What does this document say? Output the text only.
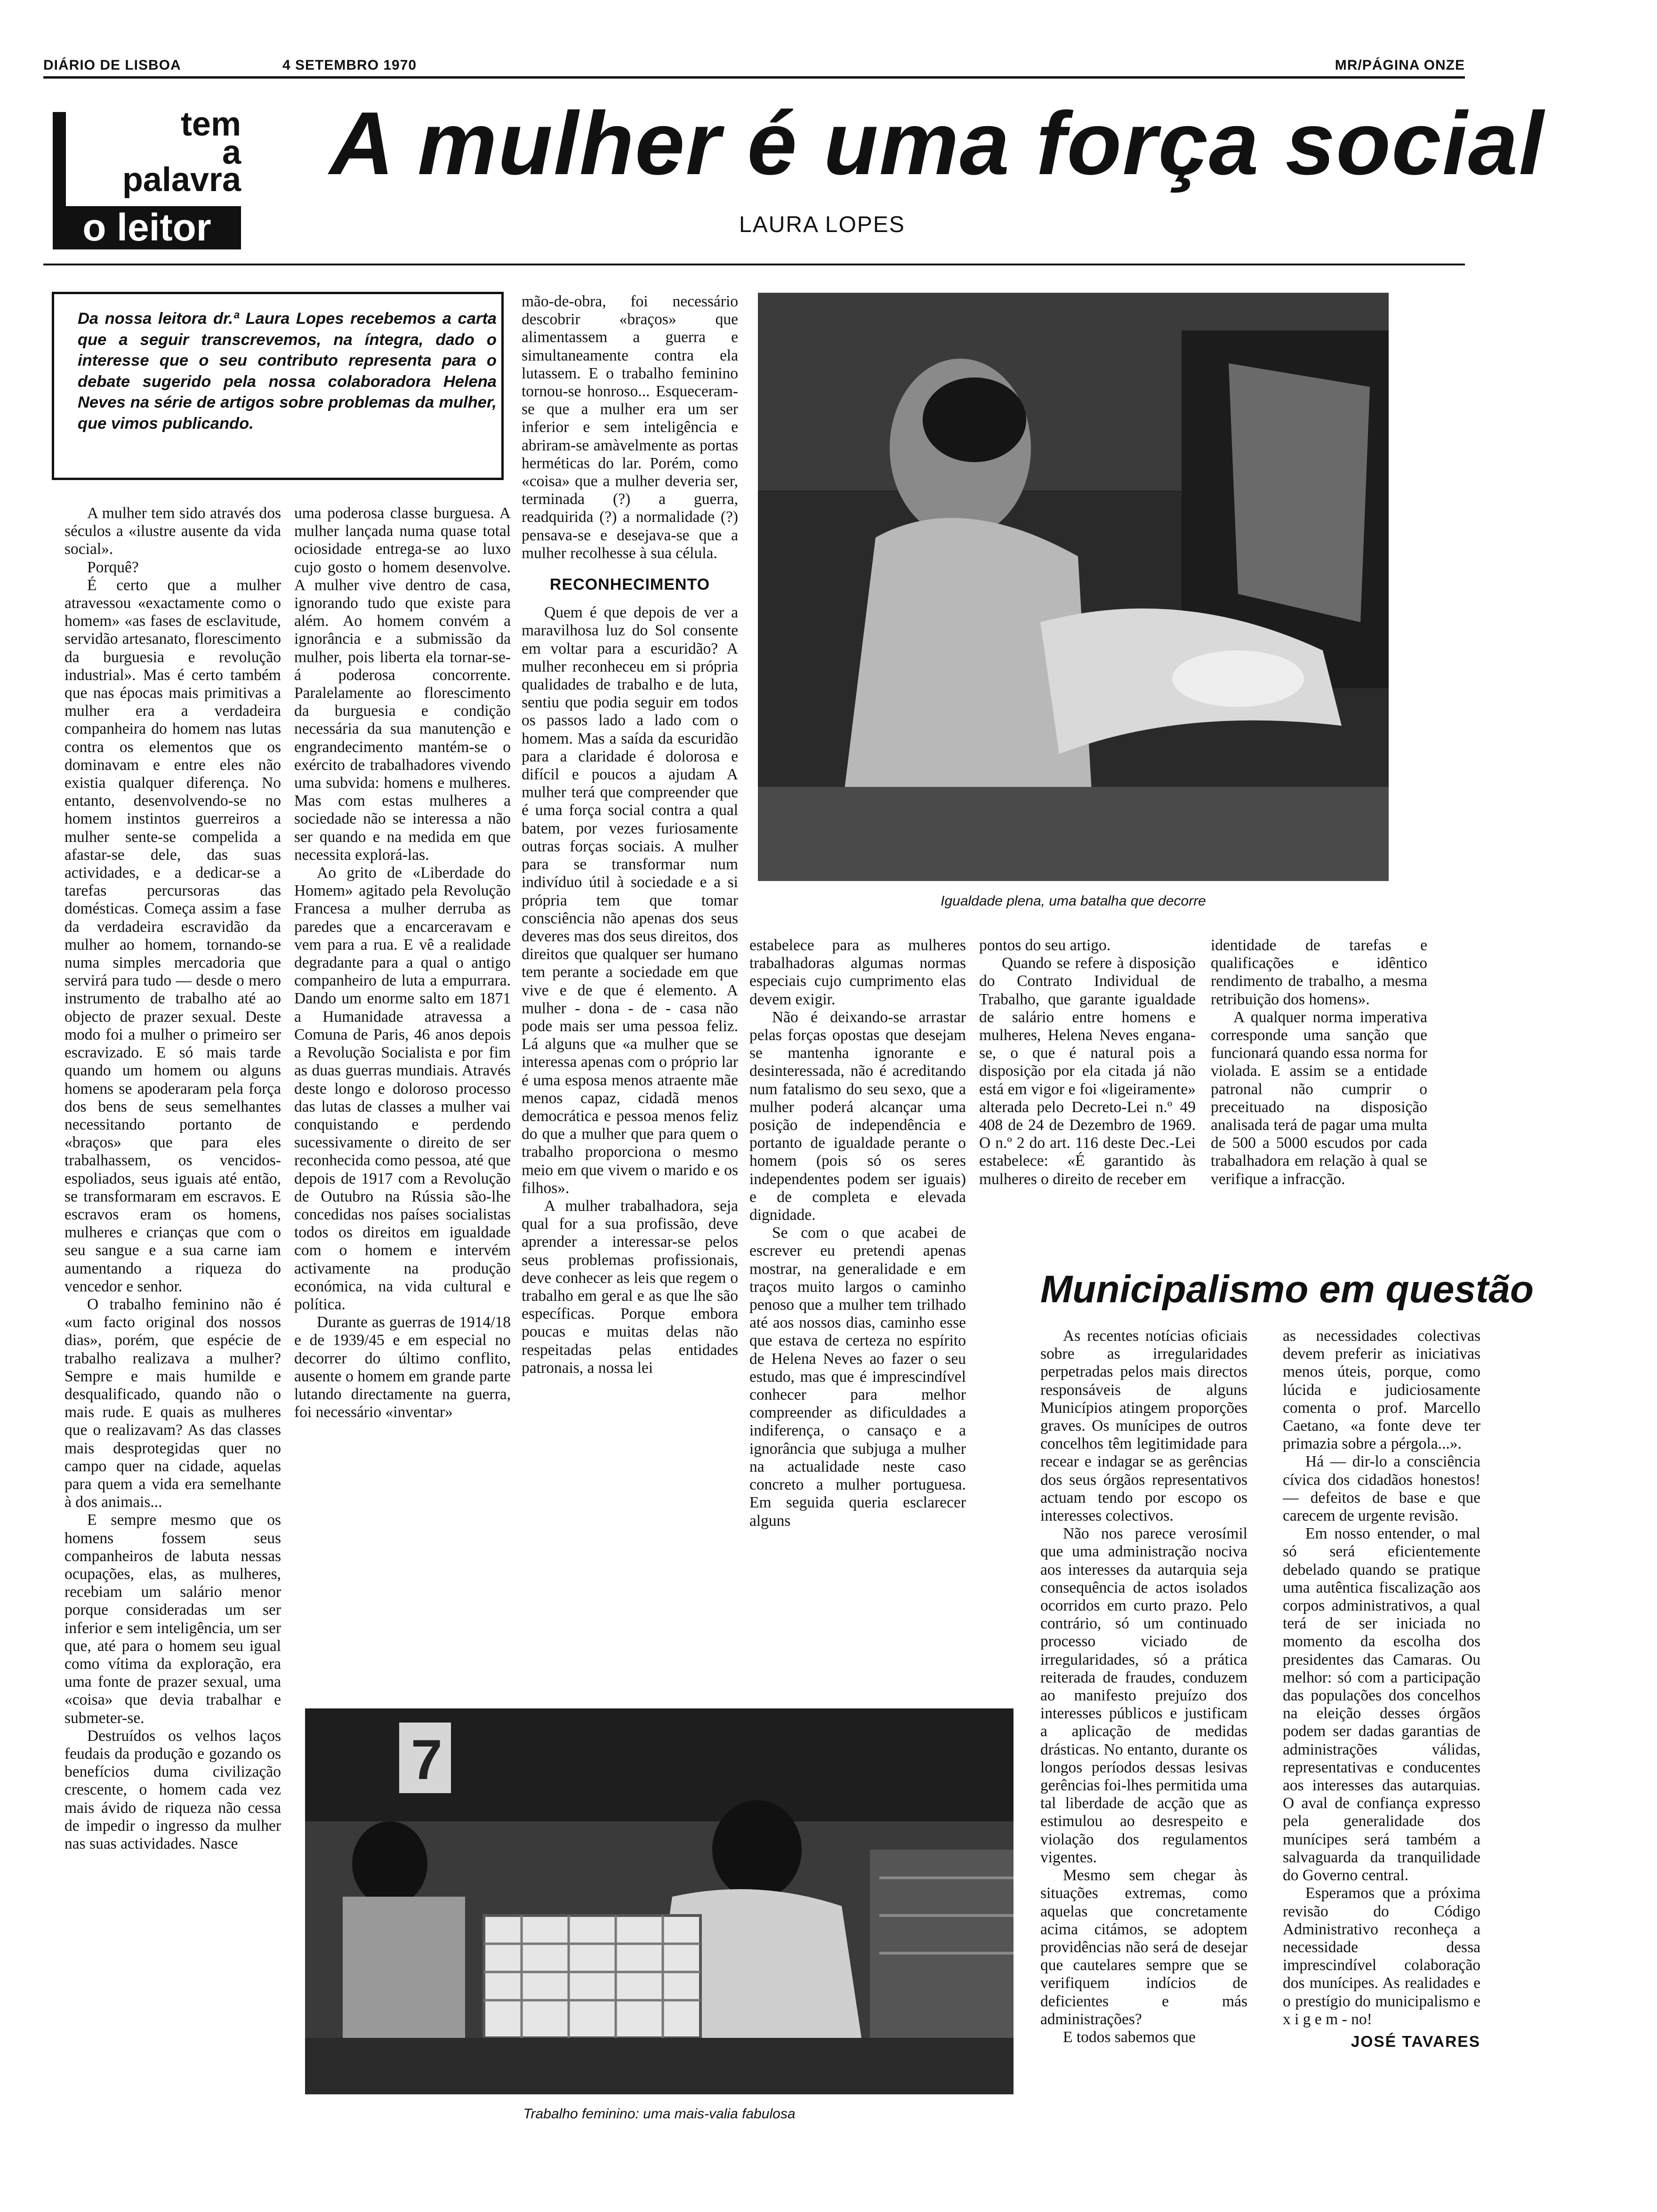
DIÁRIO DE LISBOA	4 SETEMBRO 1970	MR/PÁGINA ONZE
tem
a
palavra
o leitor
A mulher é uma força social
LAURA LOPES
Da nossa leitora dr.ª Laura Lopes recebemos a carta que a seguir transcrevemos, na íntegra, dado o interesse que o seu contributo representa para o debate sugerido pela nossa colaboradora Helena Neves na série de artigos sobre problemas da mulher, que vimos publicando.

A mulher tem sido através dos séculos a «ilustre ausente da vida social».

Porquê?

É certo que a mulher atravessou «exactamente como o homem» «as fases de esclavitude, servidão artesanato, florescimento da burguesia e revolução industrial». Mas é certo também que nas épocas mais primitivas a mulher era a verdadeira companheira do homem nas lutas contra os elementos que os dominavam e entre eles não existia qualquer diferença. No entanto, desenvolvendo-se no homem instintos guerreiros a mulher sente-se compelida a afastar-se dele, das suas actividades, e a dedicar-se a tarefas percursoras das domésticas. Começa assim a fase da verdadeira escravidão da mulher ao homem, tornando-se numa simples mercadoria que servirá para tudo — desde o mero instrumento de trabalho até ao objecto de prazer sexual. Deste modo foi a mulher o primeiro ser escravizado. E só mais tarde quando um homem ou alguns homens se apoderaram pela força dos bens de seus semelhantes necessitando portanto de «braços» que para eles trabalhassem, os vencidos-espoliados, seus iguais até então, se transformaram em escravos. E escravos eram os homens, mulheres e crianças que com o seu sangue e a sua carne iam aumentando a riqueza do vencedor e senhor.

O trabalho feminino não é «um facto original dos nossos dias», porém, que espécie de trabalho realizava a mulher? Sempre e mais humilde e desqualificado, quando não o mais rude. E quais as mulheres que o realizavam? As das classes mais desprotegidas quer no campo quer na cidade, aquelas para quem a vida era semelhante à dos animais...

E sempre mesmo que os homens fossem seus companheiros de labuta nessas ocupações, elas, as mulheres, recebiam um salário menor porque consideradas um ser inferior e sem inteligência, um ser que, até para o homem seu igual como vítima da exploração, era uma fonte de prazer sexual, uma «coisa» que devia trabalhar e submeter-se.

Destruídos os velhos laços feudais da produção e gozando os benefícios duma civilização crescente, o homem cada vez mais ávido de riqueza não cessa de impedir o ingresso da mulher nas suas actividades. Nasce

uma poderosa classe burguesa. A mulher lançada numa quase total ociosidade entrega-se ao luxo cujo gosto o homem desenvolve. A mulher vive dentro de casa, ignorando tudo que existe para além. Ao homem convém a ignorância e a submissão da mulher, pois liberta ela tornar-se-á poderosa concorrente. Paralelamente ao florescimento da burguesia e condição necessária da sua manutenção e engrandecimento mantém-se o exército de trabalhadores vivendo uma subvida: homens e mulheres. Mas com estas mulheres a sociedade não se interessa a não ser quando e na medida em que necessita explorá-las.

Ao grito de «Liberdade do Homem» agitado pela Revolução Francesa a mulher derruba as paredes que a encarceravam e vem para a rua. E vê a realidade degradante para a qual o antigo companheiro de luta a empurrara. Dando um enorme salto em 1871 a Humanidade atravessa a Comuna de Paris, 46 anos depois a Revolução Socialista e por fim as duas guerras mundiais. Através deste longo e doloroso processo das lutas de classes a mulher vai conquistando e perdendo sucessivamente o direito de ser reconhecida como pessoa, até que depois de 1917 com a Revolução de Outubro na Rússia são-lhe concedidas nos países socialistas todos os direitos em igualdade com o homem e intervém activamente na produção económica, na vida cultural e política.

Durante as guerras de 1914/18 e de 1939/45 e em especial no decorrer do último conflito, ausente o homem em grande parte lutando directamente na guerra, foi necessário «inventar»

mão-de-obra, foi necessário descobrir «braços» que alimentassem a guerra e simultaneamente contra ela lutassem. E o trabalho feminino tornou-se honroso... Esqueceram-se que a mulher era um ser inferior e sem inteligência e abriram-se amàvelmente as portas herméticas do lar. Porém, como «coisa» que a mulher deveria ser, terminada (?) a guerra, readquirida (?) a normalidade (?) pensava-se e desejava-se que a mulher recolhesse à sua célula.

RECONHECIMENTO

Quem é que depois de ver a maravilhosa luz do Sol consente em voltar para a escuridão? A mulher reconheceu em si própria qualidades de trabalho e de luta, sentiu que podia seguir em todos os passos lado a lado com o homem. Mas a saída da escuridão para a claridade é dolorosa e difícil e poucos a ajudam A mulher terá que compreender que é uma força social contra a qual batem, por vezes furiosamente outras forças sociais. A mulher para se transformar num indivíduo útil à sociedade e a si própria tem que tomar consciência não apenas dos seus deveres mas dos seus direitos, dos direitos que qualquer ser humano tem perante a sociedade em que vive e de que é elemento. A mulher - dona - de - casa não pode mais ser uma pessoa feliz. Lá alguns que «a mulher que se interessa apenas com o próprio lar é uma esposa menos atraente mãe menos capaz, cidadã menos democrática e pessoa menos feliz do que a mulher que para quem o trabalho proporciona o mesmo meio em que vivem o marido e os filhos».

A mulher trabalhadora, seja qual for a sua profissão, deve aprender a interessar-se pelos seus problemas profissionais, deve conhecer as leis que regem o trabalho em geral e as que lhe são específicas. Porque embora poucas e muitas delas não respeitadas pelas entidades patronais, a nossa lei

Igualdade plena, uma batalha que decorre

estabelece para as mulheres trabalhadoras algumas normas especiais cujo cumprimento elas devem exigir.

Não é deixando-se arrastar pelas forças opostas que desejam se mantenha ignorante e desinteressada, não é acreditando num fatalismo do seu sexo, que a mulher poderá alcançar uma posição de independência e portanto de igualdade perante o homem (pois só os seres independentes podem ser iguais) e de completa e elevada dignidade.

Se com o que acabei de escrever eu pretendi apenas mostrar, na generalidade e em traços muito largos o caminho penoso que a mulher tem trilhado até aos nossos dias, caminho esse que estava de certeza no espírito de Helena Neves ao fazer o seu estudo, mas que é imprescindível conhecer para melhor compreender as dificuldades a indiferença, o cansaço e a ignorância que subjuga a mulher na actualidade neste caso concreto a mulher portuguesa. Em seguida queria esclarecer alguns

pontos do seu artigo.

Quando se refere à disposição do Contrato Individual de Trabalho, que garante igualdade de salário entre homens e mulheres, Helena Neves engana-se, o que é natural pois a disposição por ela citada já não está em vigor e foi «ligeiramente» alterada pelo Decreto-Lei n.º 49 408 de 24 de Dezembro de 1969. O n.º 2 do art. 116 deste Dec.-Lei estabelece: «É garantido às mulheres o direito de receber em

identidade de tarefas e qualificações e idêntico rendimento de trabalho, a mesma retribuição dos homens».

A qualquer norma imperativa corresponde uma sanção que funcionará quando essa norma for violada. E assim se a entidade patronal não cumprir o preceituado na disposição analisada terá de pagar uma multa de 500 a 5000 escudos por cada trabalhadora em relação à qual se verifique a infracção.

Municipalismo em questão

As recentes notícias oficiais sobre as irregularidades perpetradas pelos mais directos responsáveis de alguns Municípios atingem proporções graves. Os munícipes de outros concelhos têm legitimidade para recear e indagar se as gerências dos seus órgãos representativos actuam tendo por escopo os interesses colectivos.

Não nos parece verosímil que uma administração nociva aos interesses da autarquia seja consequência de actos isolados ocorridos em curto prazo. Pelo contrário, só um continuado processo viciado de irregularidades, só a prática reiterada de fraudes, conduzem ao manifesto prejuízo dos interesses públicos e justificam a aplicação de medidas drásticas. No entanto, durante os longos períodos dessas lesivas gerências foi-lhes permitida uma tal liberdade de acção que as estimulou ao desrespeito e violação dos regulamentos vigentes.

Mesmo sem chegar às situações extremas, como aquelas que concretamente acima citámos, se adoptem providências não será de desejar que cautelares sempre que se verifiquem indícios de deficientes e más administrações?

E todos sabemos que

as necessidades colectivas devem preferir as iniciativas menos úteis, porque, como lúcida e judiciosamente comenta o prof. Marcello Caetano, «a fonte deve ter primazia sobre a pérgola...».

Há — dir-lo a consciência cívica dos cidadãos honestos! — defeitos de base e que carecem de urgente revisão.

Em nosso entender, o mal só será eficientemente debelado quando se pratique uma autêntica fiscalização aos corpos administrativos, a qual terá de ser iniciada no momento da escolha dos presidentes das Camaras. Ou melhor: só com a participação das populações dos concelhos na eleição desses órgãos podem ser dadas garantias de administrações válidas, representativas e conducentes aos interesses das autarquias. O aval de confiança expresso pela generalidade dos munícipes será também a salvaguarda da tranquilidade do Governo central.

Esperamos que a próxima revisão do Código Administrativo reconheça a necessidade dessa imprescindível colaboração dos munícipes. As realidades e o prestígio do municipalismo e x i g e m - no!

JOSÉ TAVARES

7
Trabalho feminino: uma mais-valia fabulosa
